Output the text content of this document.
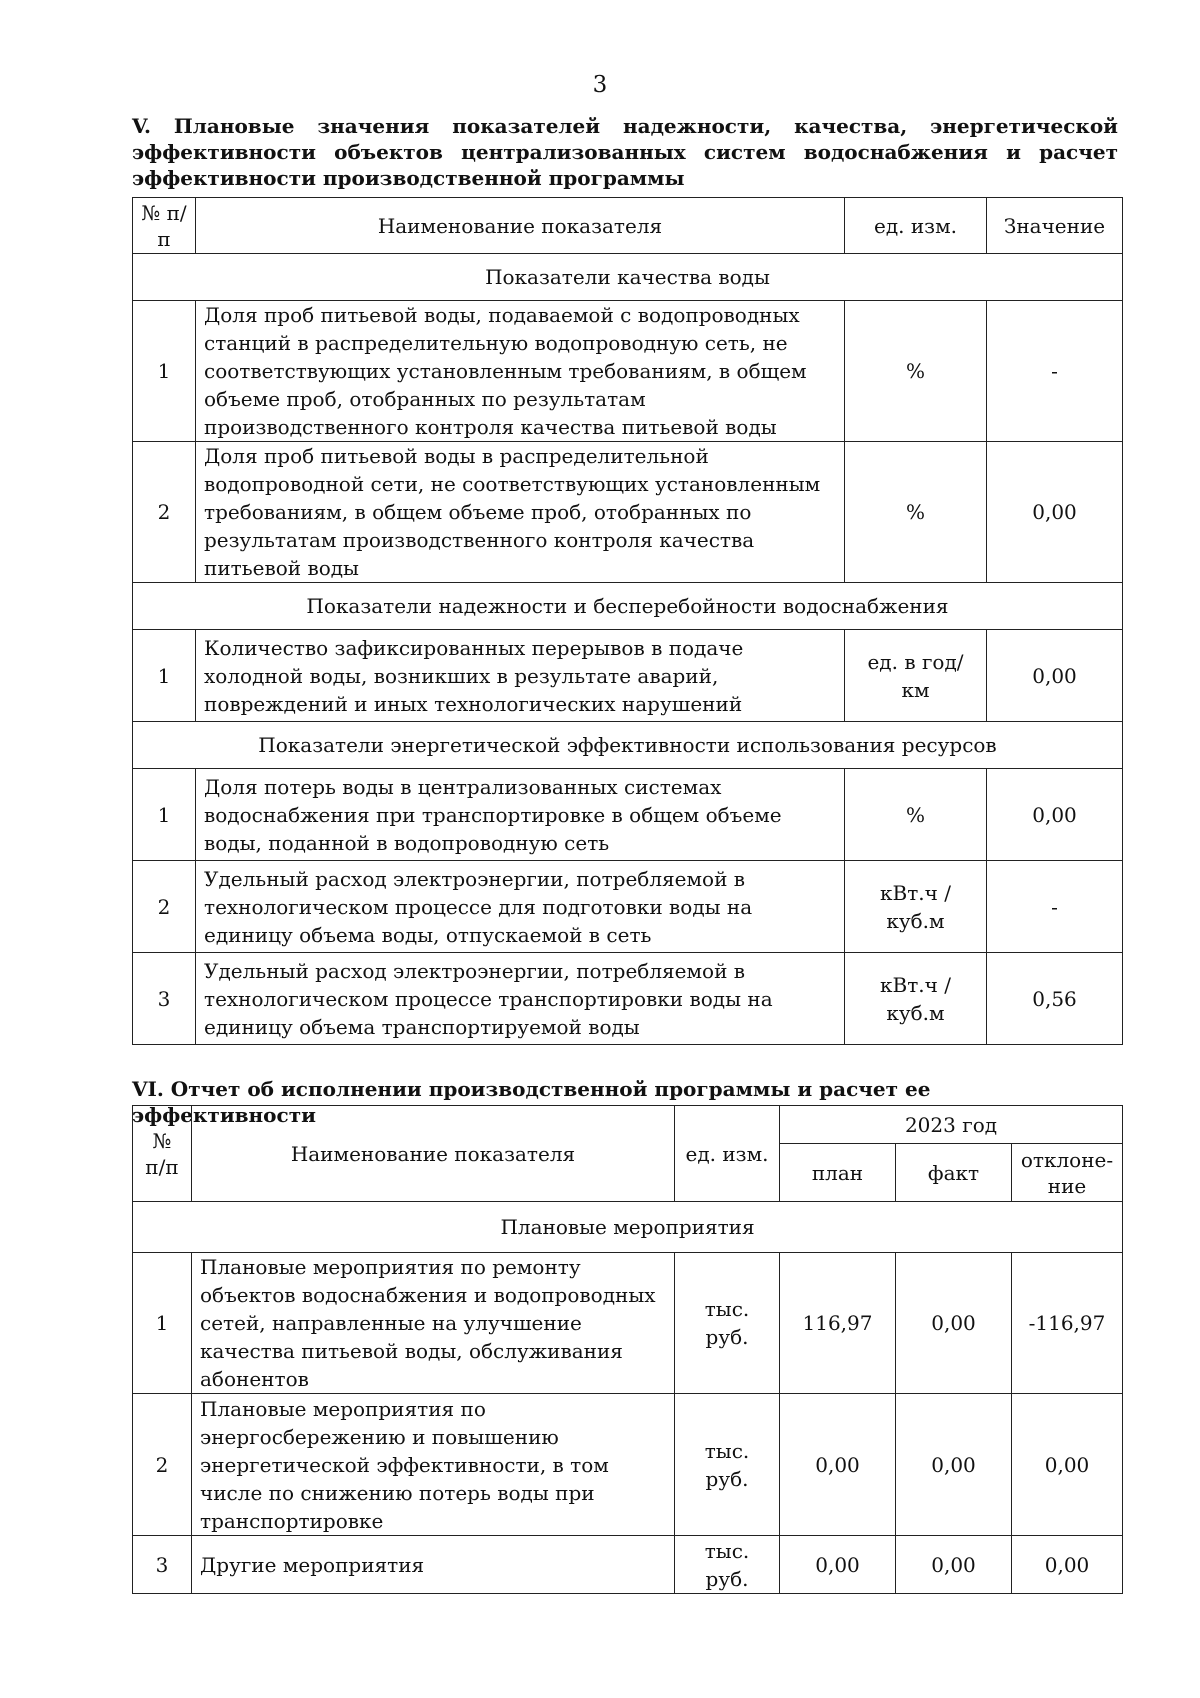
3
V. Плановые значения показателей надежности, качества, энергетической эффективности объектов централизованных систем водоснабжения и расчет эффективности производственной программы
№ п/п	Наименование показателя	ед. изм.	Значение
Показатели качества воды			
1	Доля проб питьевой воды, подаваемой с водопроводных станций в распределительную водопроводную сеть, не соответствующих установленным требованиям, в общем объеме проб, отобранных по результатам производственного контроля качества питьевой воды	%	-
2	Доля проб питьевой воды в распределительной водопроводной сети, не соответствующих установленным требованиям, в общем объеме проб, отобранных по результатам производственного контроля качества питьевой воды	%	0,00
Показатели надежности и бесперебойности водоснабжения			
1	Количество зафиксированных перерывов в подаче холодной воды, возникших в результате аварий, повреждений и иных технологических нарушений	ед. в год/ км	0,00
Показатели энергетической эффективности использования ресурсов			
1	Доля потерь воды в централизованных системах водоснабжения при транспортировке в общем объеме воды, поданной в водопроводную сеть	%	0,00
2	Удельный расход электроэнергии, потребляемой в технологическом процессе для подготовки воды на единицу объема воды, отпускаемой в сеть	кВт.ч / куб.м	-
3	Удельный расход электроэнергии, потребляемой в технологическом процессе транспортировки воды на единицу объема транспортируемой воды	кВт.ч / куб.м	0,56
VI. Отчет об исполнении производственной программы и расчет ее эффективности
№ п/п	Наименование показателя	ед. изм.	2023 год		
			план	факт	отклоне-ние
Плановые мероприятия					
1	Плановые мероприятия по ремонту объектов водоснабжения и водопроводных сетей, направленные на улучшение качества питьевой воды, обслуживания абонентов	тыс. руб.	116,97	0,00	-116,97
2	Плановые мероприятия по энергосбережению и повышению энергетической эффективности, в том числе по снижению потерь воды при транспортировке	тыс. руб.	0,00	0,00	0,00
3	Другие мероприятия	тыс. руб.	0,00	0,00	0,00
